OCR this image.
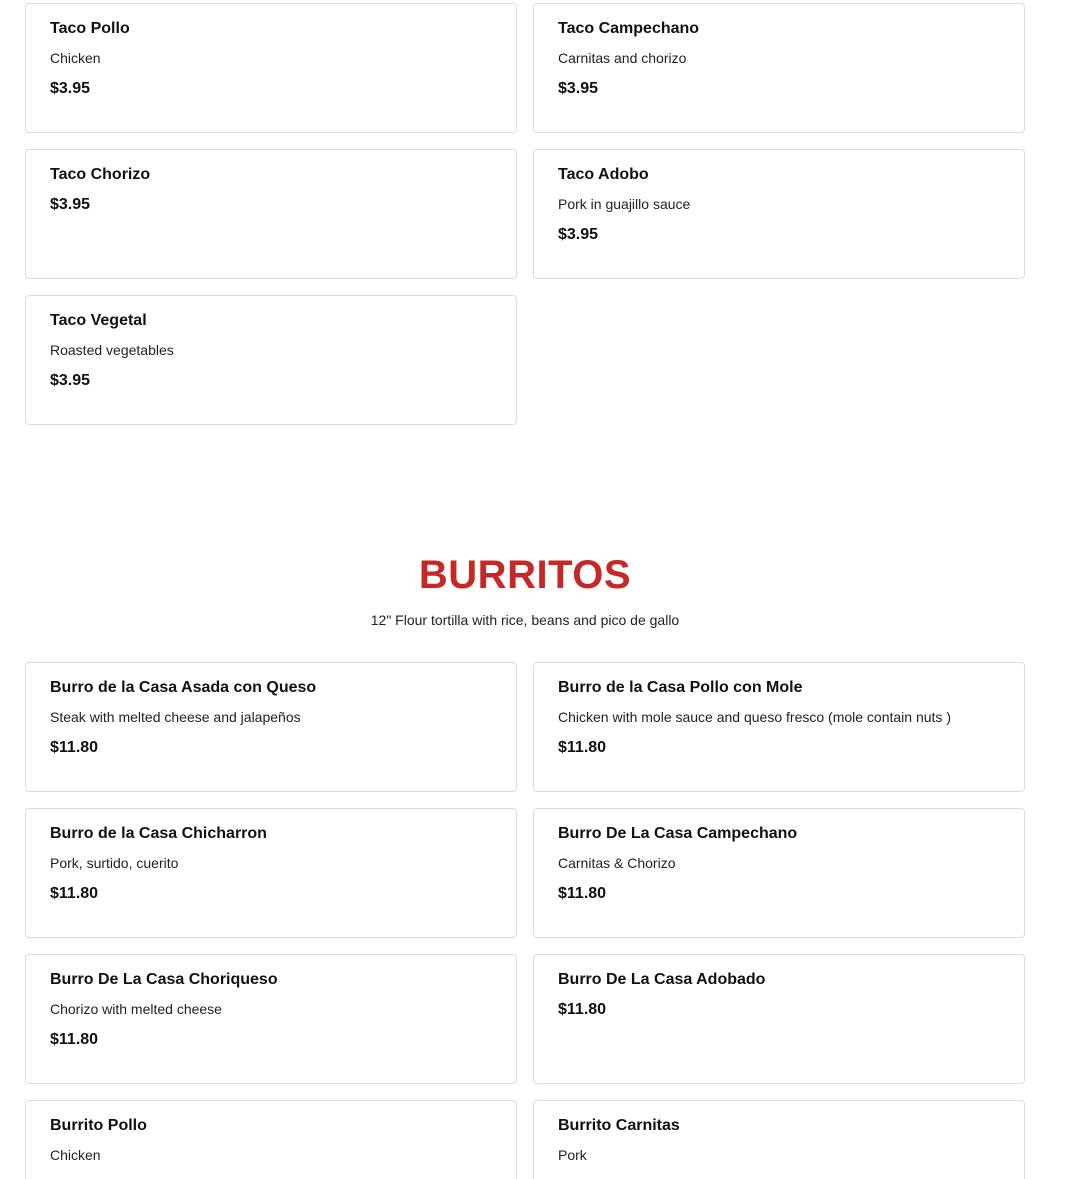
Taco Pollo
Chicken
$3.95
Taco Campechano
Carnitas and chorizo
$3.95
Taco Chorizo
$3.95
Taco Adobo
Pork in guajillo sauce
$3.95
Taco Vegetal
Roasted vegetables
$3.95
BURRITOS
12" Flour tortilla with rice, beans and pico de gallo
Burro de la Casa Asada con Queso
Steak with melted cheese and jalapeños
$11.80
Burro de la Casa Pollo con Mole
Chicken with mole sauce and queso fresco (mole contain nuts )
$11.80
Burro de la Casa Chicharron
Pork, surtido, cuerito
$11.80
Burro De La Casa Campechano
Carnitas & Chorizo
$11.80
Burro De La Casa Choriqueso
Chorizo with melted cheese
$11.80
Burro De La Casa Adobado
$11.80
Burrito Pollo
Chicken
Burrito Carnitas
Pork
